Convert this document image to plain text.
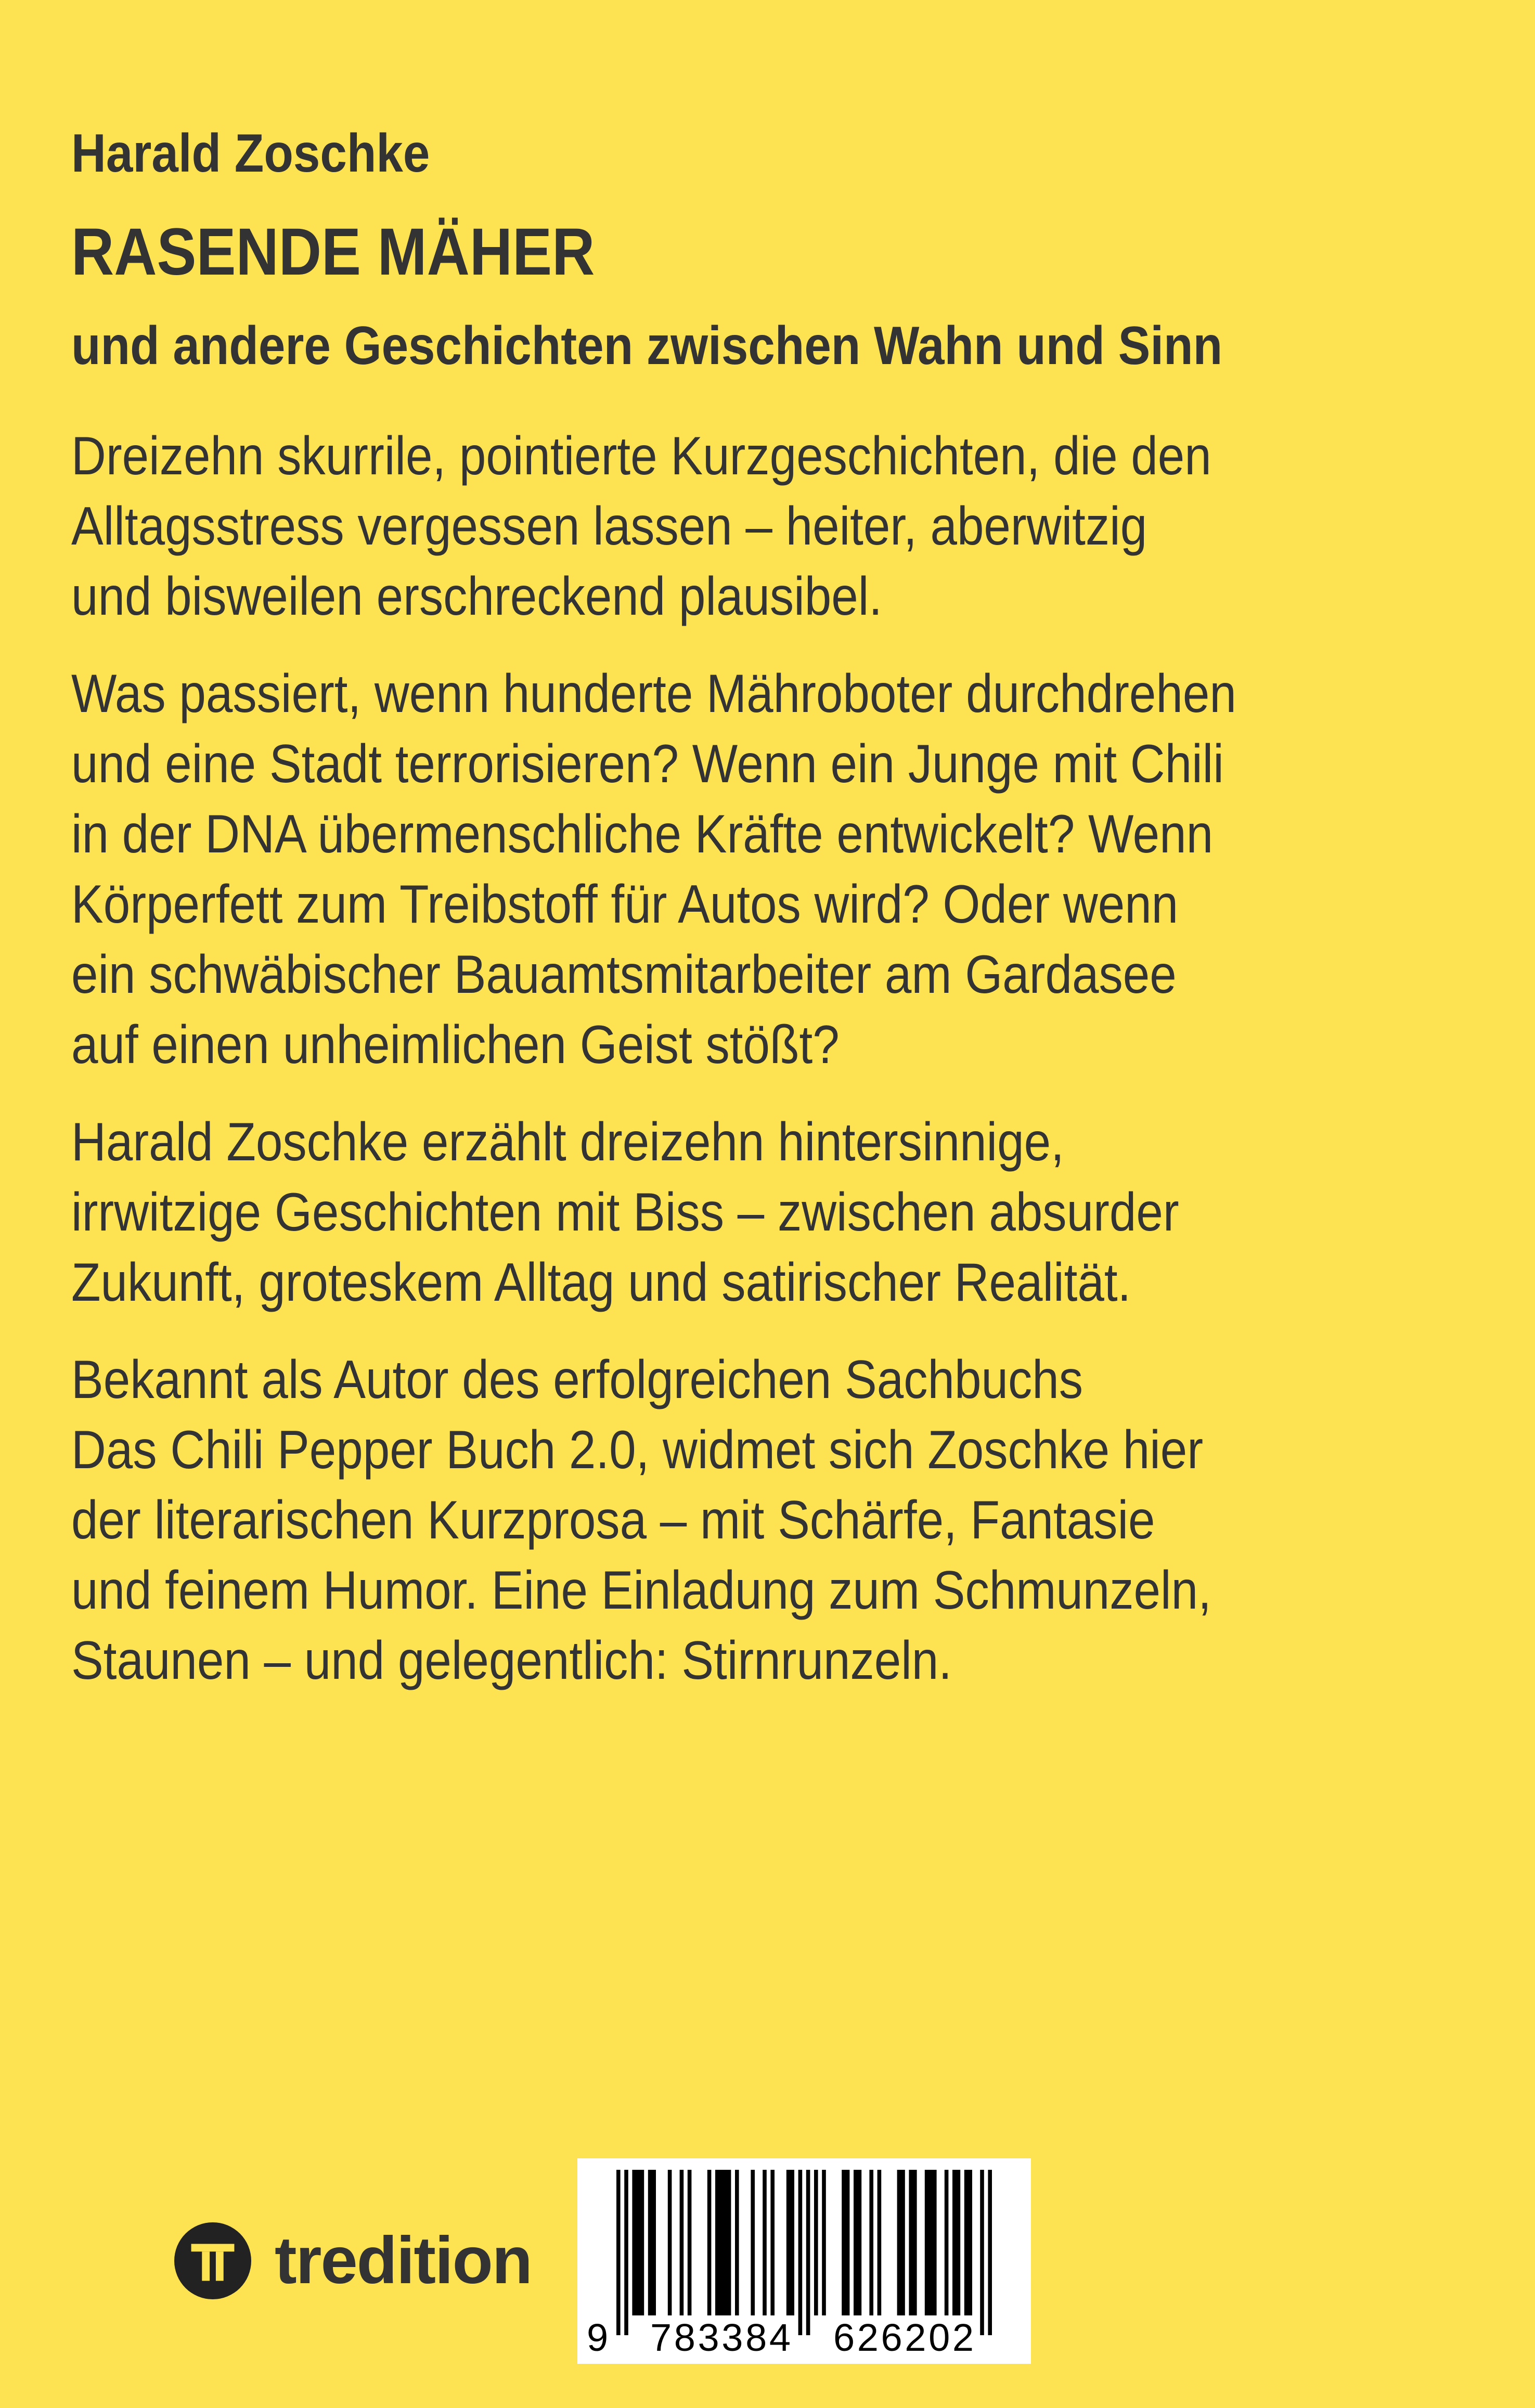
Harald Zoschke
RASENDE MÄHER
und andere Geschichten zwischen Wahn und Sinn
Dreizehn skurrile, pointierte Kurzgeschichten, die den
Alltagsstress vergessen lassen – heiter, aberwitzig
und bisweilen erschreckend plausibel.
Was passiert, wenn hunderte Mähroboter durchdrehen
und eine Stadt terrorisieren? Wenn ein Junge mit Chili
in der DNA übermenschliche Kräfte entwickelt? Wenn
Körperfett zum Treibstoff für Autos wird? Oder wenn
ein schwäbischer Bauamtsmitarbeiter am Gardasee
auf einen unheimlichen Geist stößt?
Harald Zoschke erzählt dreizehn hintersinnige,
irrwitzige Geschichten mit Biss – zwischen absurder
Zukunft, groteskem Alltag und satirischer Realität.
Bekannt als Autor des erfolgreichen Sachbuchs
Das Chili Pepper Buch 2.0, widmet sich Zoschke hier
der literarischen Kurzprosa – mit Schärfe, Fantasie
und feinem Humor. Eine Einladung zum Schmunzeln,
Staunen – und gelegentlich: Stirnrunzeln.
tredition
9 783384 626202
